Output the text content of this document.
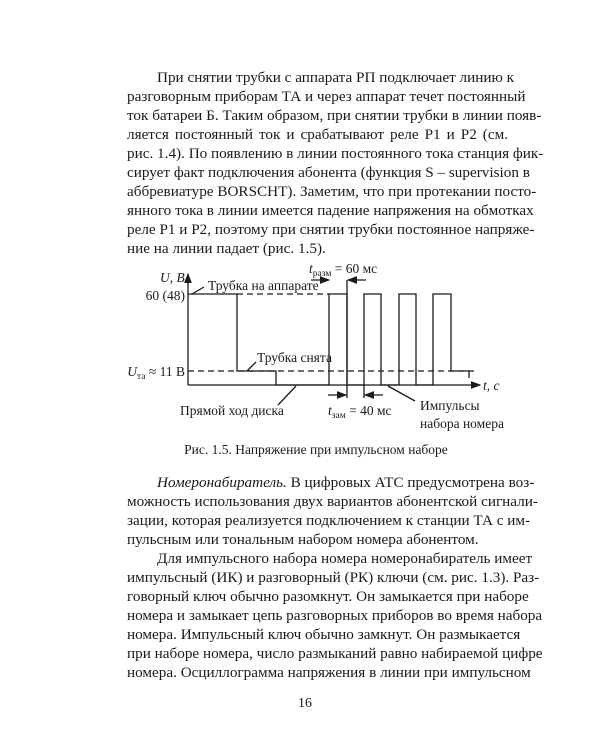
При снятии трубки с аппарата РП подключает линию к
разговорным приборам ТА и через аппарат течет постоянный
ток батареи Б. Таким образом, при снятии трубки в линии появ-
ляется постоянный ток и срабатывают реле Р1 и Р2 (см.
рис. 1.4). По появлению в линии постоянного тока станция фик-
сирует факт подключения абонента (функция S – supervision в
аббревиатуре BORSCHT). Заметим, что при протекании посто-
янного тока в линии имеется падение напряжения на обмотках
реле Р1 и Р2, поэтому при снятии трубки постоянное напряже-
ние на линии падает (рис. 1.5).
U, В
60 (48)
$U_{та} \approx 11$ В
Трубка на аппарате
$t_{разм} = 60$ мс
Трубка снята
t, с
Прямой ход диска	$t_{зам} = 40$ мс Импульсы
набора номера
Рис. 1.5. Напряжение при импульсном наборе
Номеронабиратель. В цифровых АТС предусмотрена воз-
можность использования двух вариантов абонентской сигнали-
зации, которая реализуется подключением к станции ТА с им-
пульсным или тональным набором номера абонентом.
Для импульсного набора номера номеронабиратель имеет
импульсный (ИК) и разговорный (РК) ключи (см. рис. 1.3). Раз-
говорный ключ обычно разомкнут. Он замыкается при наборе
номера и замыкает цепь разговорных приборов во время набора
номера. Импульсный ключ обычно замкнут. Он размыкается
при наборе номера, число размыканий равно набираемой цифре
номера. Осциллограмма напряжения в линии при импульсном
16
